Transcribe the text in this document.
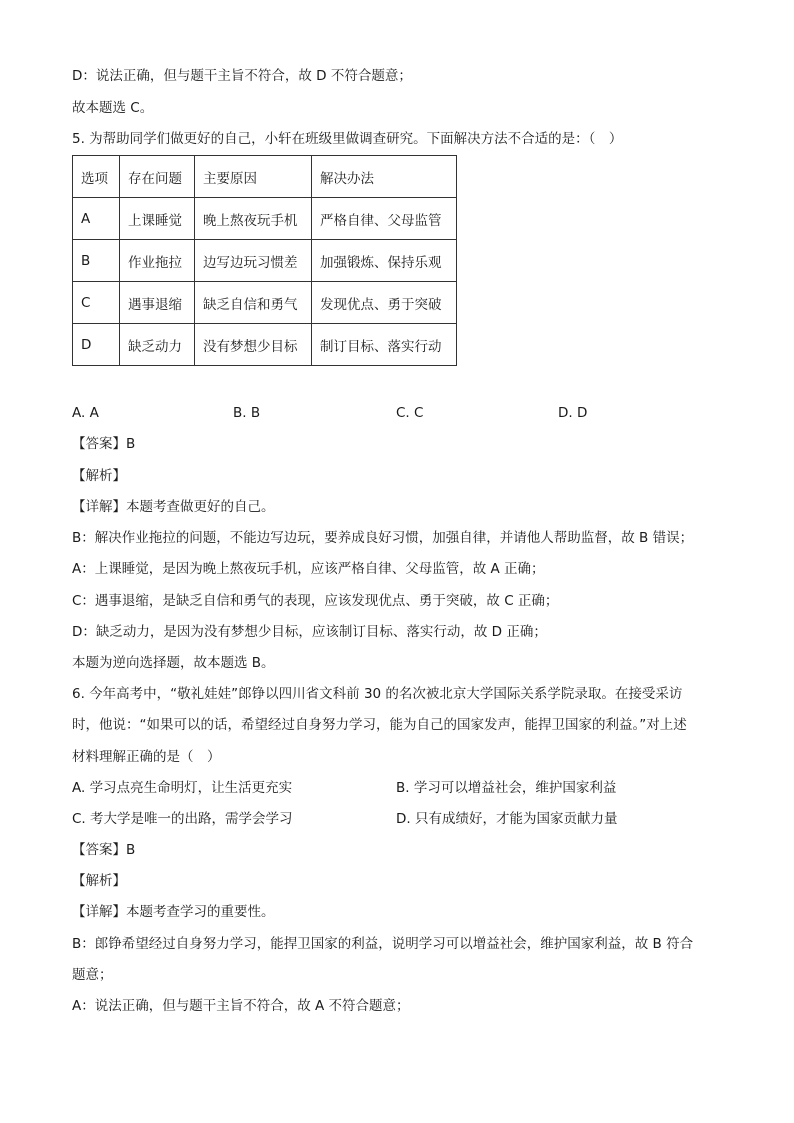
D：说法正确，但与题干主旨不符合，故 D 不符合题意；
故本题选 C。
5. 为帮助同学们做更好的自己，小轩在班级里做调查研究。下面解决方法不合适的是：（　）
选项	存在问题	主要原因	解决办法
A	上课睡觉	晚上熬夜玩手机	严格自律、父母监管
B	作业拖拉	边写边玩习惯差	加强锻炼、保持乐观
C	遇事退缩	缺乏自信和勇气	发现优点、勇于突破
D	缺乏动力	没有梦想少目标	制订目标、落实行动
A. A	B. B	C. C	D. D
【答案】B
【解析】
【详解】本题考查做更好的自己。
B：解决作业拖拉的问题，不能边写边玩，要养成良好习惯，加强自律，并请他人帮助监督，故 B 错误；
A：上课睡觉，是因为晚上熬夜玩手机，应该严格自律、父母监管，故 A 正确；
C：遇事退缩，是缺乏自信和勇气的表现，应该发现优点、勇于突破，故 C 正确；
D：缺乏动力，是因为没有梦想少目标，应该制订目标、落实行动，故 D 正确；
本题为逆向选择题，故本题选 B。
6. 今年高考中，“敬礼娃娃”郎铮以四川省文科前 30 的名次被北京大学国际关系学院录取。在接受采访
时，他说：“如果可以的话，希望经过自身努力学习，能为自己的国家发声，能捍卫国家的利益。”对上述
材料理解正确的是（　）
A. 学习点亮生命明灯，让生活更充实	B. 学习可以增益社会，维护国家利益
C. 考大学是唯一的出路，需学会学习	D. 只有成绩好，才能为国家贡献力量
【答案】B
【解析】
【详解】本题考查学习的重要性。
B：郎铮希望经过自身努力学习，能捍卫国家的利益，说明学习可以增益社会，维护国家利益，故 B 符合
题意；
A：说法正确，但与题干主旨不符合，故 A 不符合题意；
